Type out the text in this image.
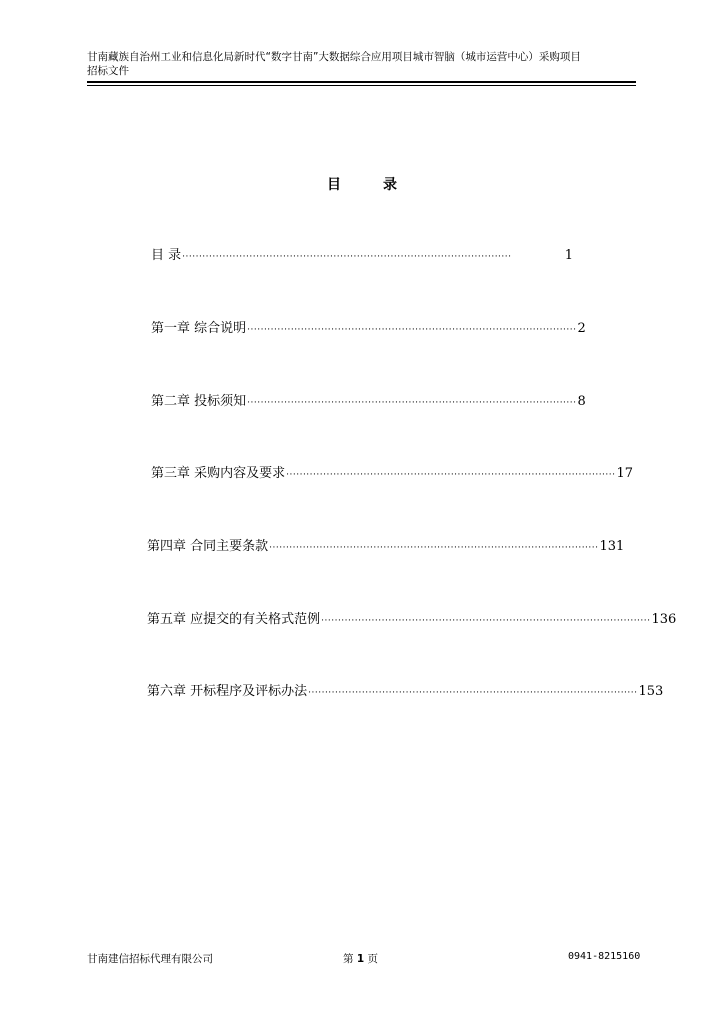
甘南藏族自治州工业和信息化局新时代“数字甘南”大数据综合应用项目城市智脑（城市运营中心）采购项目
招标文件
目	录
目 录 ··································································································	1
第一章 综合说明 ·································································································· 2
第二章 投标须知 ·································································································· 8
第三章 采购内容及要求 ·································································································· 17
第四章 合同主要条款 ·································································································· 131
第五章 应提交的有关格式范例 ·································································································· 136
第六章 开标程序及评标办法 ·································································································· 153
甘南建信招标代理有限公司	第 1 页	0941-8215160
